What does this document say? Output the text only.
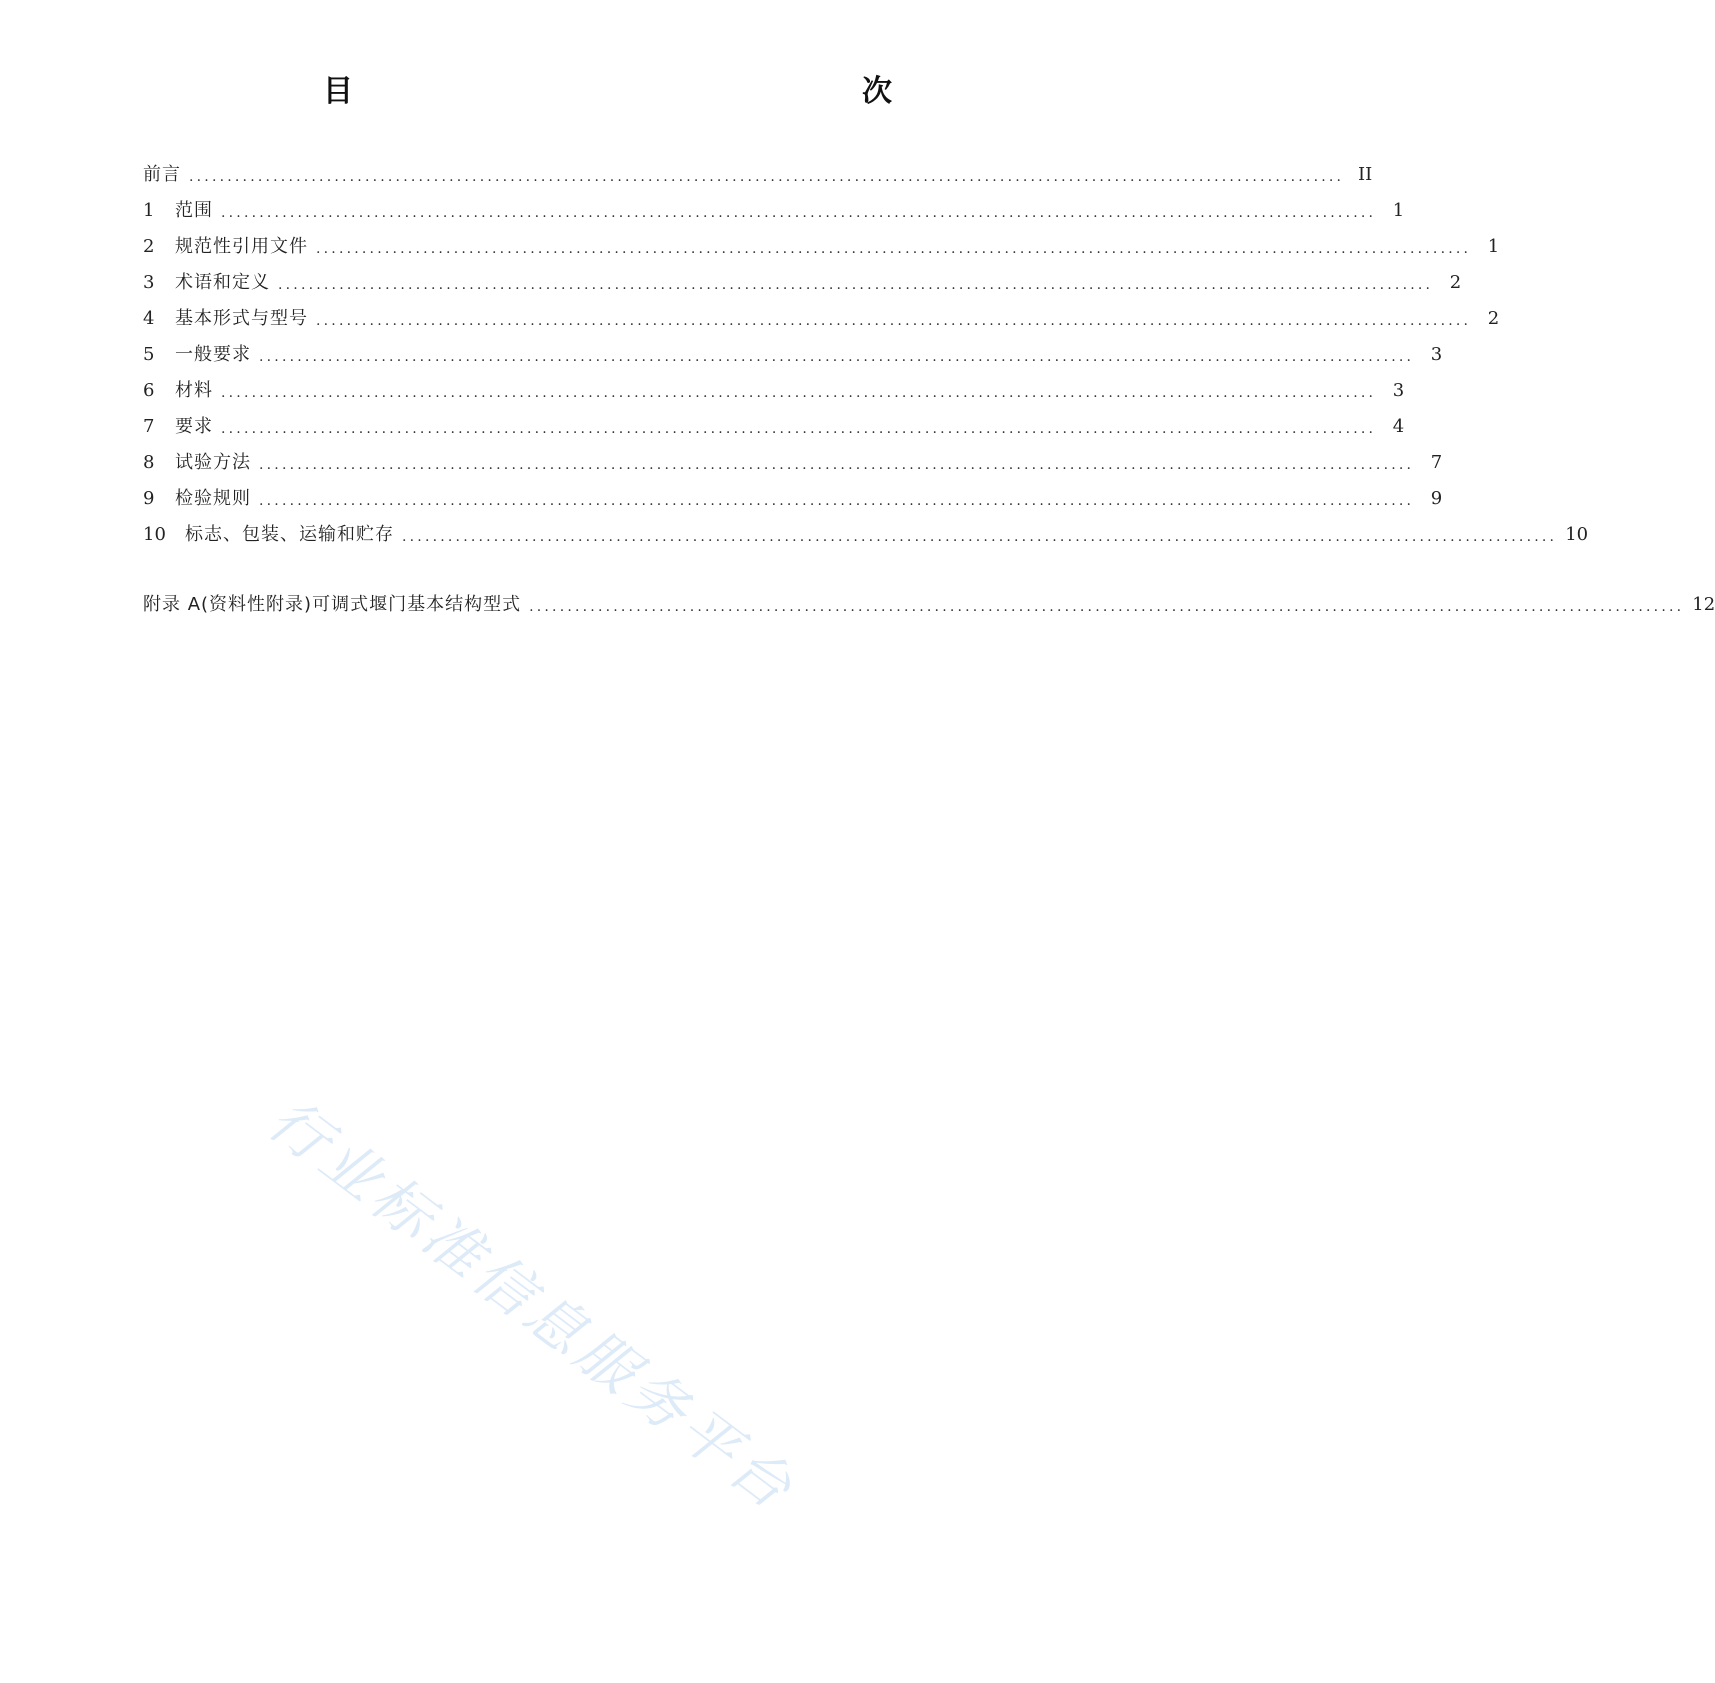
目	次
前言 ....................................................................................................................................................... II
1	范围 ....................................................................................................................................................... 1
2	规范性引用文件 ....................................................................................................................................................... 1
3	术语和定义 ....................................................................................................................................................... 2
4	基本形式与型号 ....................................................................................................................................................... 2
5	一般要求 ....................................................................................................................................................... 3
6	材料 ....................................................................................................................................................... 3
7	要求 ....................................................................................................................................................... 4
8	试验方法 ....................................................................................................................................................... 7
9	检验规则 ....................................................................................................................................................... 9
10	标志、包装、运输和贮存 ....................................................................................................................................................... 10
附录 A(资料性附录)可调式堰门基本结构型式 ....................................................................................................................................................... 12
行业标准信息服务平台
